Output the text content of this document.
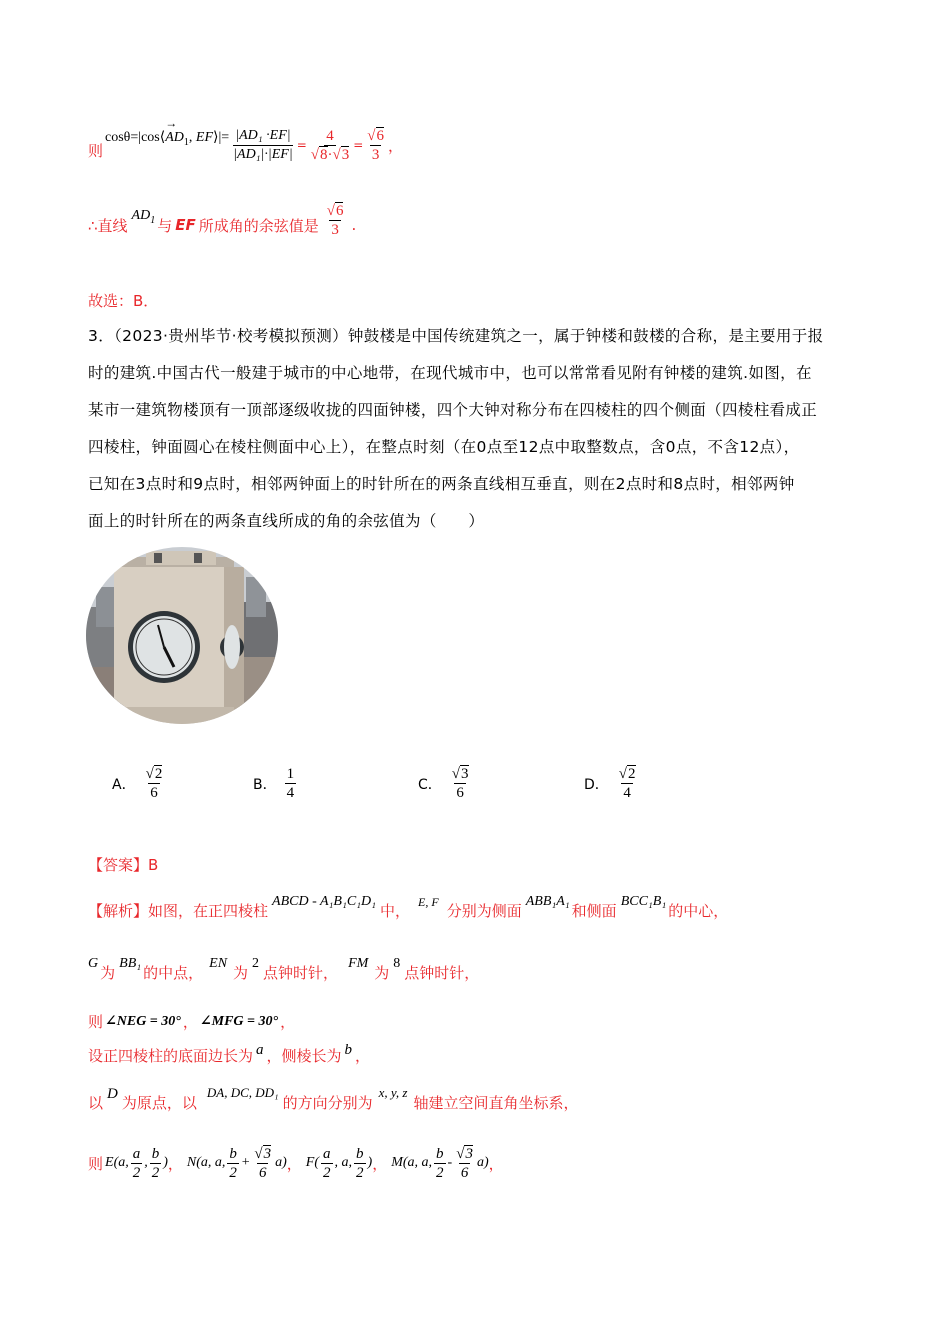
则
cosθ =|cos⟨
→
$AD_1$, EF⟩|= $\frac{\text{|AD₁ ·EF|}}{\text{|AD₁|·|EF|}} = \frac{4}{√8\cdot√3} = \frac{√6}{3}$ ，
∴直线
$AD_1$ 与 EF 所成角的余弦值是 $\frac{√6}{3}$ .
故选：B．
3．（2023·贵州毕节·校考模拟预测）钟鼓楼是中国传统建筑之一，属于钟楼和鼓楼的合称，是主要用于报
时的建筑.中国古代一般建于城市的中心地带，在现代城市中，也可以常常看见附有钟楼的建筑.如图，在
某市一建筑物楼顶有一顶部逐级收拢的四面钟楼，四个大钟对称分布在四棱柱的四个侧面（四棱柱看成正
四棱柱，钟面圆心在棱柱侧面中心上），在整点时刻（在0点至12点中取整数点，含0点，不含12点），
已知在3点时和9点时，相邻两钟面上的时针所在的两条直线相互垂直，则在2点时和8点时，相邻两钟
面上的时针所在的两条直线所成的角的余弦值为（　　）
A． $\frac{√2}{6}$	B． $\frac{1}{4}$	C． $\frac{√3}{6}$	D． $\frac{√2}{4}$
【答案】B
【解析】 如图，在正四棱柱 ABCD - A₁B₁C₁D₁ 中， E, F 分别为侧面 ABB₁A₁ 和侧面 BCC₁B₁ 的中心，
G 为 BB₁ 的中点， EN 为 2 点钟时针， FM 为 8 点钟时针，
则 ∠NEG = 30° ， ∠MFG = 30° ，
设正四棱柱的底面边长为 a ，侧棱长为 b ，
以 D 为原点，以
DA, DC, DD₁
的方向分别为
x, y, z
轴建立空间直角坐标系，
则 E(a, $\frac{a}{2}$ , $\frac{b}{2}$ ) ， N(a, a, $\frac{b}{2} + \frac{√3}{6} a$) ， $F( \frac{a}{2}$ , a, $\frac{b}{2}$ ) ， M(a, a, $\frac{b}{2} - \frac{√3}{6} a$) ，
